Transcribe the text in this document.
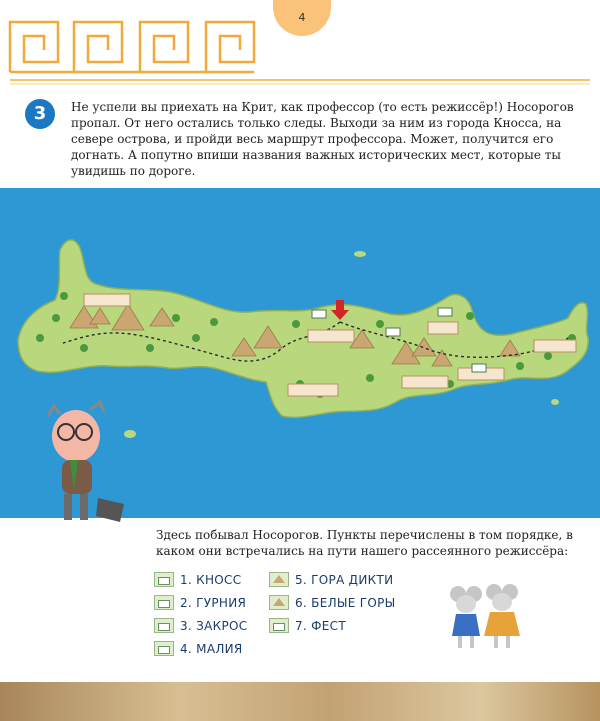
4
3	Не успели вы приехать на Крит, как профессор (то есть режиссёр!) Носорогов пропал. От него остались только следы. Выходи за ним из города Кносса, на севере острова, и пройди весь маршрут профессора. Может, получится его догнать. А попутно впиши названия важных исторических мест, которые ты увидишь по дороге.

Здесь побывал Носорогов. Пункты перечислены в том порядке, в каком они встречались на пути нашего рассеянного режиссёра:

1. КНОСС
2. ГУРНИЯ
3. ЗАКРОС
4. МАЛИЯ
5. ГОРА ДИКТИ
6. БЕЛЫЕ ГОРЫ
7. ФЕСТ
